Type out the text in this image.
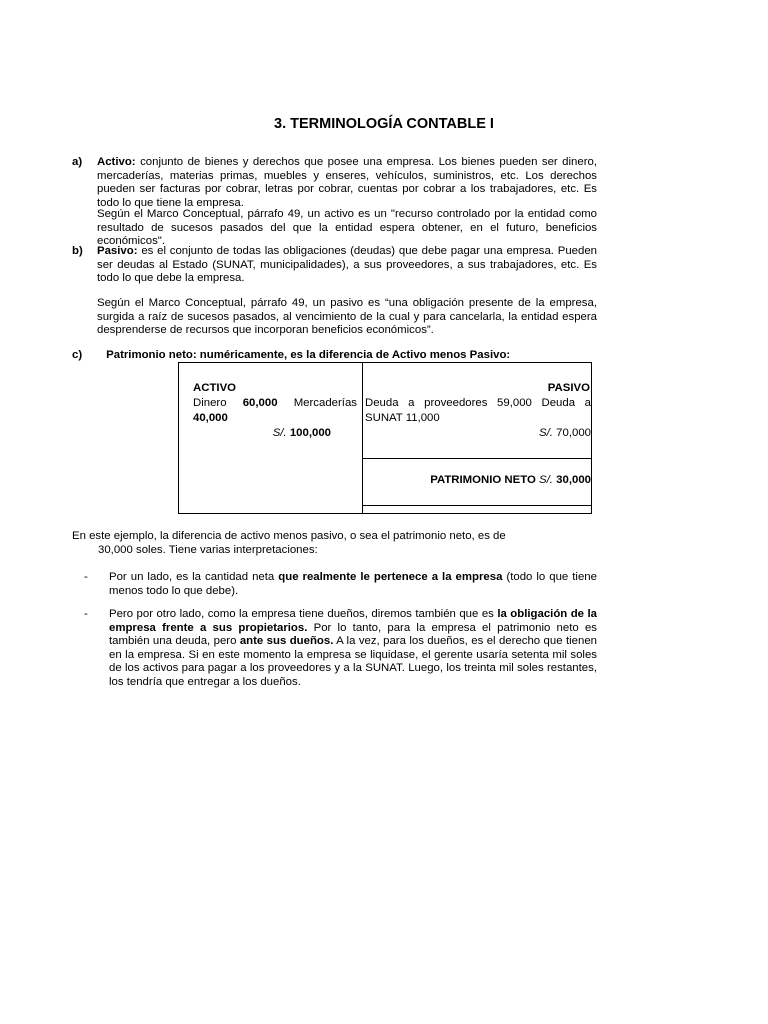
3. TERMINOLOGÍA CONTABLE I
a) Activo: conjunto de bienes y derechos que posee una empresa. Los bienes pueden ser dinero, mercaderías, materias primas, muebles y enseres, vehículos, suministros, etc. Los derechos pueden ser facturas por cobrar, letras por cobrar, cuentas por cobrar a los trabajadores, etc. Es todo lo que tiene la empresa.
Según el Marco Conceptual, párrafo 49, un activo es un "recurso controlado por la entidad como resultado de sucesos pasados del que la entidad espera obtener, en el futuro, beneficios económicos".
b) Pasivo: es el conjunto de todas las obligaciones (deudas) que debe pagar una empresa. Pueden ser deudas al Estado (SUNAT, municipalidades), a sus proveedores, a sus trabajadores, etc. Es todo lo que debe la empresa.
Según el Marco Conceptual, párrafo 49, un pasivo es “una obligación presente de la empresa, surgida a raíz de sucesos pasados, al vencimiento de la cual y para cancelarla, la entidad espera desprenderse de recursos que incorporan beneficios económicos”.
c) Patrimonio neto: numéricamente, es la diferencia de Activo menos Pasivo:
ACTIVO
Dinero 60,000 Mercaderías 40,000
S/. 100,000
PASIVO
Deuda a proveedores 59,000 Deuda a SUNAT 11,000
S/. 70,000
PATRIMONIO NETO S/. 30,000
En este ejemplo, la diferencia de activo menos pasivo, o sea el patrimonio neto, es de
30,000 soles. Tiene varias interpretaciones:
- Por un lado, es la cantidad neta que realmente le pertenece a la empresa (todo lo que tiene menos todo lo que debe).
- Pero por otro lado, como la empresa tiene dueños, diremos también que es la obligación de la empresa frente a sus propietarios. Por lo tanto, para la empresa el patrimonio neto es también una deuda, pero ante sus dueños. A la vez, para los dueños, es el derecho que tienen en la empresa. Si en este momento la empresa se liquidase, el gerente usaría setenta mil soles de los activos para pagar a los proveedores y a la SUNAT. Luego, los treinta mil soles restantes, los tendría que entregar a los dueños.
